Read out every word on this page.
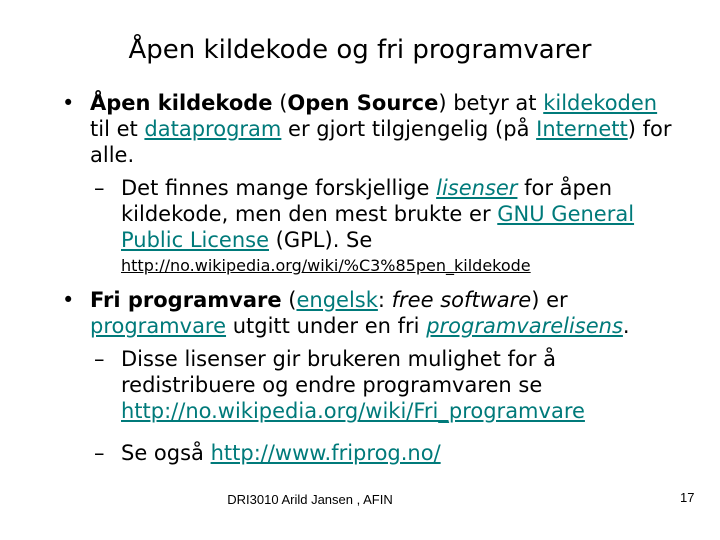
Åpen kildekode og fri programvarer
• Åpen kildekode (Open Source) betyr at kildekoden til et dataprogram er gjort tilgjengelig (på Internett) for alle.
– Det finnes mange forskjellige lisenser for åpen kildekode, men den mest brukte er GNU General Public License (GPL). Se
http://no.wikipedia.org/wiki/%C3%85pen_kildekode
• Fri programvare (engelsk: free software) er programvare utgitt under en fri programvarelisens.
– Disse lisenser gir brukeren mulighet for å redistribuere og endre programvaren se http://no.wikipedia.org/wiki/Fri_programvare
– Se også http://www.friprog.no/
DRI3010 Arild Jansen , AFIN	17
